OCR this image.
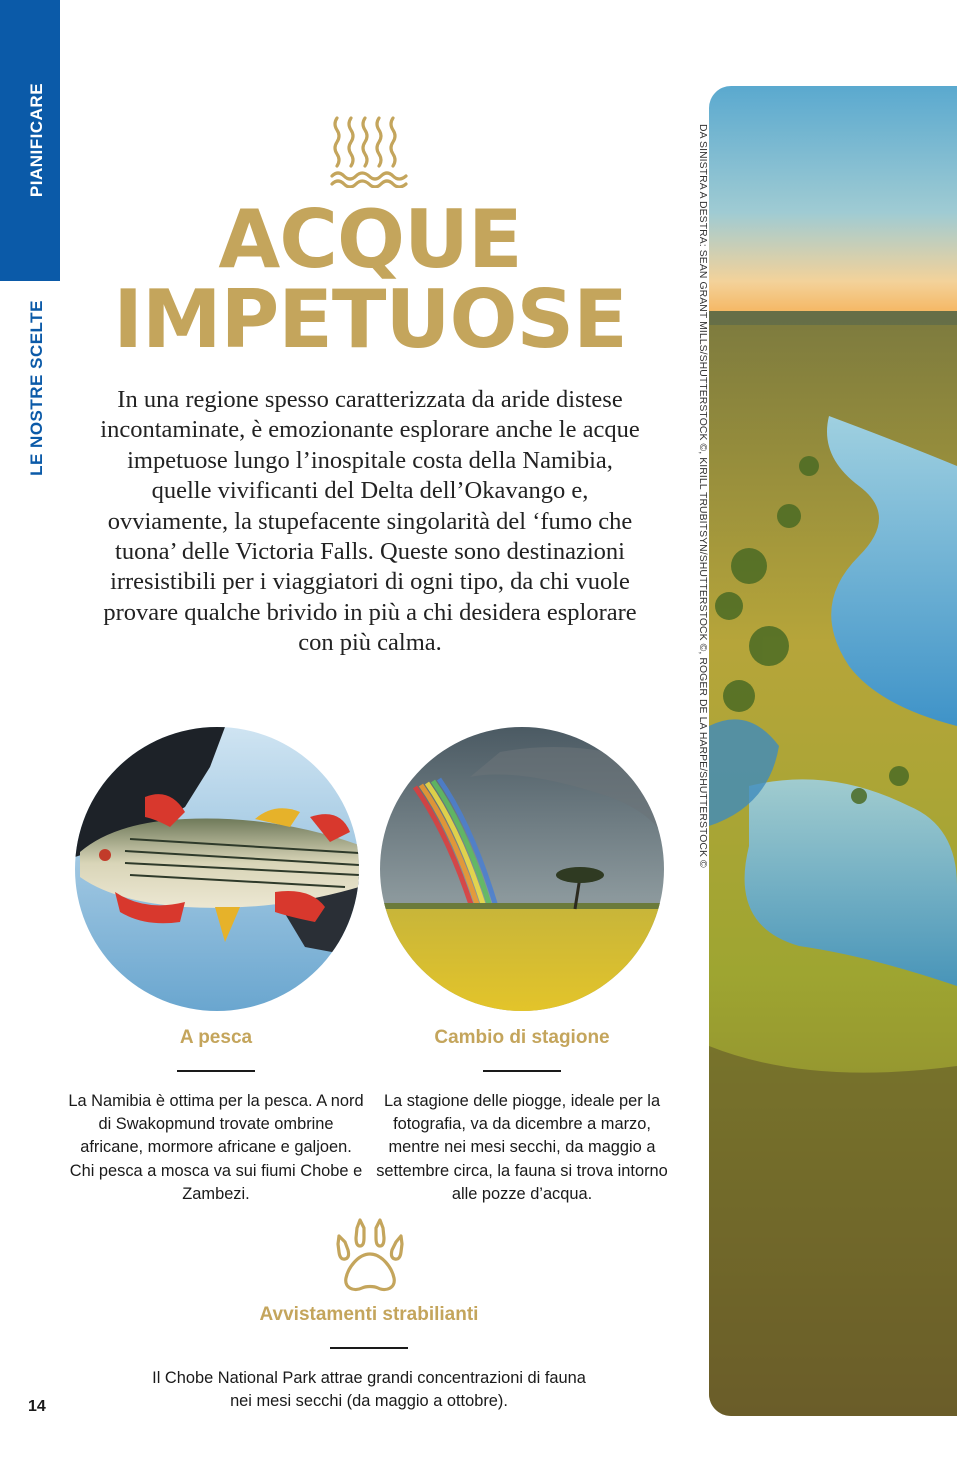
PIANIFICARE
LE NOSTRE SCELTE
ACQUE
IMPETUOSE

In una regione spesso caratterizzata da aride distese incontaminate, è emozionante esplorare anche le acque impetuose lungo l’inospitale costa della Namibia, quelle vivificanti del Delta dell’Okavango e, ovviamente, la stupefacente singolarità del ‘fumo che tuona’ delle Victoria Falls. Queste sono destinazioni irresistibili per i viaggiatori di ogni tipo, da chi vuole provare qualche brivido in più a chi desidera esplorare con più calma.

A pesca

La Namibia è ottima per la pesca. A nord di Swakopmund trovate ombrine africane, mormore africane e galjoen. Chi pesca a mosca va sui fiumi Chobe e Zambezi.

Cambio di stagione

La stagione delle piogge, ideale per la fotografia, va da dicembre a marzo, mentre nei mesi secchi, da maggio a settembre circa, la fauna si trova intorno alle pozze d’acqua.

Avvistamenti strabilianti

Il Chobe National Park attrae grandi concentrazioni di fauna nei mesi secchi (da maggio a ottobre).

14
DA SINISTRA A DESTRA: SEAN GRANT MILLS/SHUTTERSTOCK ©, KIRILL TRUBITSYN/SHUTTERSTOCK ©, ROGER DE LA HARPE/SHUTTERSTOCK ©
